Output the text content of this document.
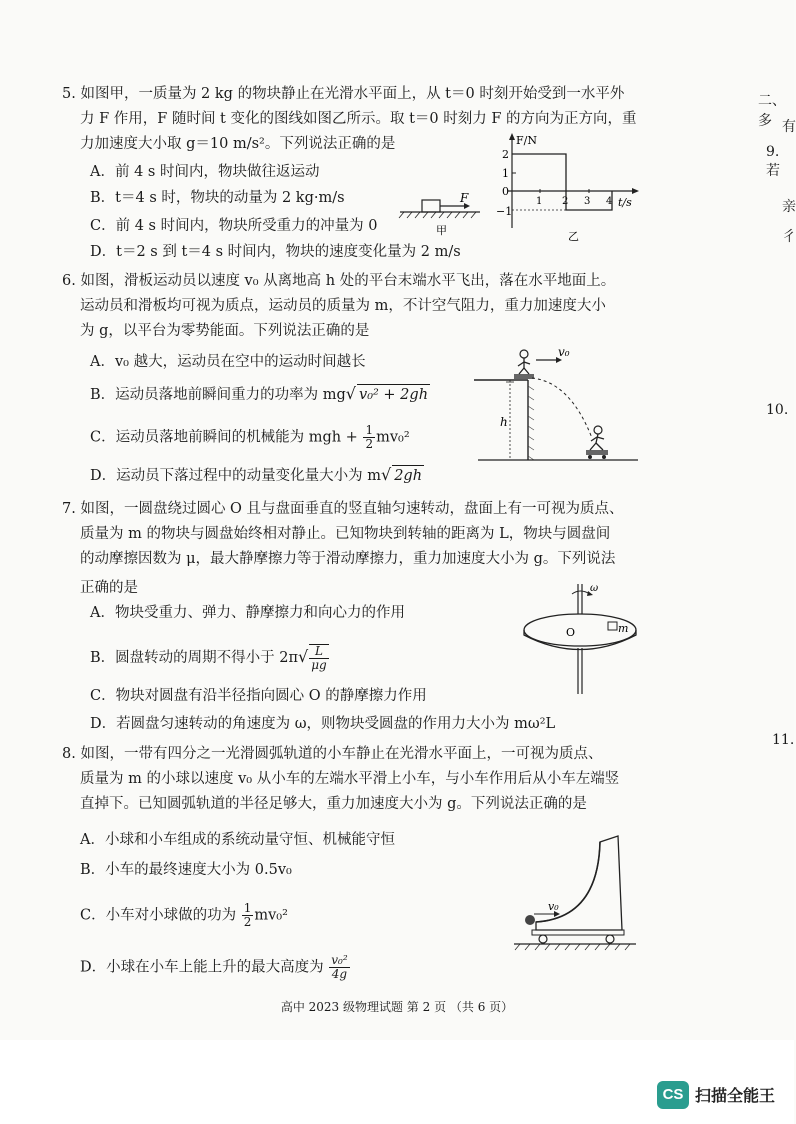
5. 如图甲，一质量为 2 kg 的物块静止在光滑水平面上，从 t＝0 时刻开始受到一水平外
力 F 作用，F 随时间 t 变化的图线如图乙所示。取 t＝0 时刻力 F 的方向为正方向，重
力加速度大小取 g＝10 m/s²。下列说法正确的是
A．前 4 s 时间内，物块做往返运动
B．t＝4 s 时，物块的动量为 2 kg·m/s
C．前 4 s 时间内，物块所受重力的冲量为 0
D．t＝2 s 到 t＝4 s 时间内，物块的速度变化量为 2 m/s
F
甲
F/N
t/s
2
1
0
−1
1 2 3 4
乙
6. 如图，滑板运动员以速度 v₀ 从离地高 h 处的平台末端水平飞出，落在水平地面上。
运动员和滑板均可视为质点，运动员的质量为 m，不计空气阻力，重力加速度大小
为 g，以平台为零势能面。下列说法正确的是
A．v₀ 越大，运动员在空中的运动时间越长
B．运动员落地前瞬间重力的功率为 mg√ v₀² + 2gh
C．运动员落地前瞬间的机械能为 mgh + $\frac{1}{2} mv_0^2$
D．运动员下落过程中的动量变化量大小为 m√ 2gh
v₀
h
7. 如图，一圆盘绕过圆心 O 且与盘面垂直的竖直轴匀速转动，盘面上有一可视为质点、
质量为 m 的物块与圆盘始终相对静止。已知物块到转轴的距离为 L，物块与圆盘间
的动摩擦因数为 μ，最大静摩擦力等于滑动摩擦力，重力加速度大小为 g。下列说法
正确的是
A．物块受重力、弹力、静摩擦力和向心力的作用
B．圆盘转动的周期不得小于 $2\pi√ \frac{L}{\mu g}$
C．物块对圆盘有沿半径指向圆心 O 的静摩擦力作用
D．若圆盘匀速转动的角速度为 ω，则物块受圆盘的作用力大小为 mω²L
ω
O	m
8. 如图，一带有四分之一光滑圆弧轨道的小车静止在光滑水平面上，一可视为质点、
质量为 m 的小球以速度 v₀ 从小车的左端水平滑上小车，与小车作用后从小车左端竖
直掉下。已知圆弧轨道的半径足够大，重力加速度大小为 g。下列说法正确的是
A．小球和小车组成的系统动量守恒、机械能守恒
B．小车的最终速度大小为 0.5v₀
C．小车对小球做的功为 $\frac{1}{2} mv_0^2$
D．小球在小车上能上升的最大高度为 $\frac{\text{v₀²}}{4g}$
v₀
二、多 有
9. 若
亲
彳
10.
11.
高中 2023 级物理试题 第 2 页 （共 6 页）
CS 扫描全能王
